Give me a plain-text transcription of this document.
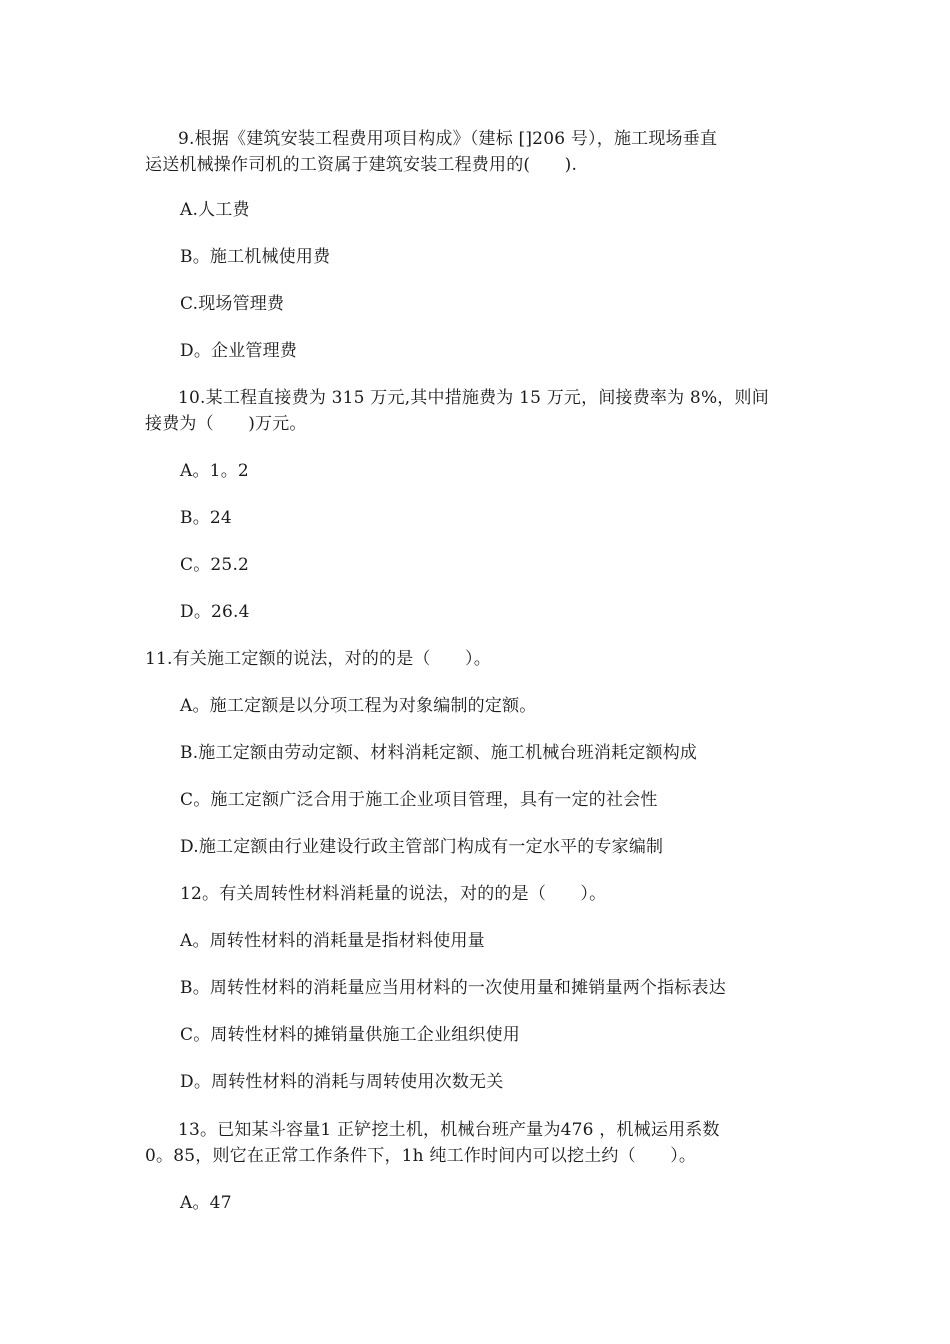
9.根据《建筑安装工程费用项目构成》（建标 []206 号），施工现场垂直
运送机械操作司机的工资属于建筑安装工程费用的(　　).
A.人工费
B。施工机械使用费
C.现场管理费
D。企业管理费
10.某工程直接费为 315 万元,其中措施费为 15 万元，间接费率为 8%，则间
接费为（　　)万元。
A。1。2
B。24
C。25.2
D。26.4
11.有关施工定额的说法，对的的是（　　）。
A。施工定额是以分项工程为对象编制的定额。
B.施工定额由劳动定额、材料消耗定额、施工机械台班消耗定额构成
C。施工定额广泛合用于施工企业项目管理，具有一定的社会性
D.施工定额由行业建设行政主管部门构成有一定水平的专家编制
12。有关周转性材料消耗量的说法，对的的是（　　）。
A。周转性材料的消耗量是指材料使用量
B。周转性材料的消耗量应当用材料的一次使用量和摊销量两个指标表达
C。周转性材料的摊销量供施工企业组织使用
D。周转性材料的消耗与周转使用次数无关
13。已知某斗容量1 正铲挖土机，机械台班产量为476 ，机械运用系数
0。85，则它在正常工作条件下，1h 纯工作时间内可以挖土约（　　）。
A。47
